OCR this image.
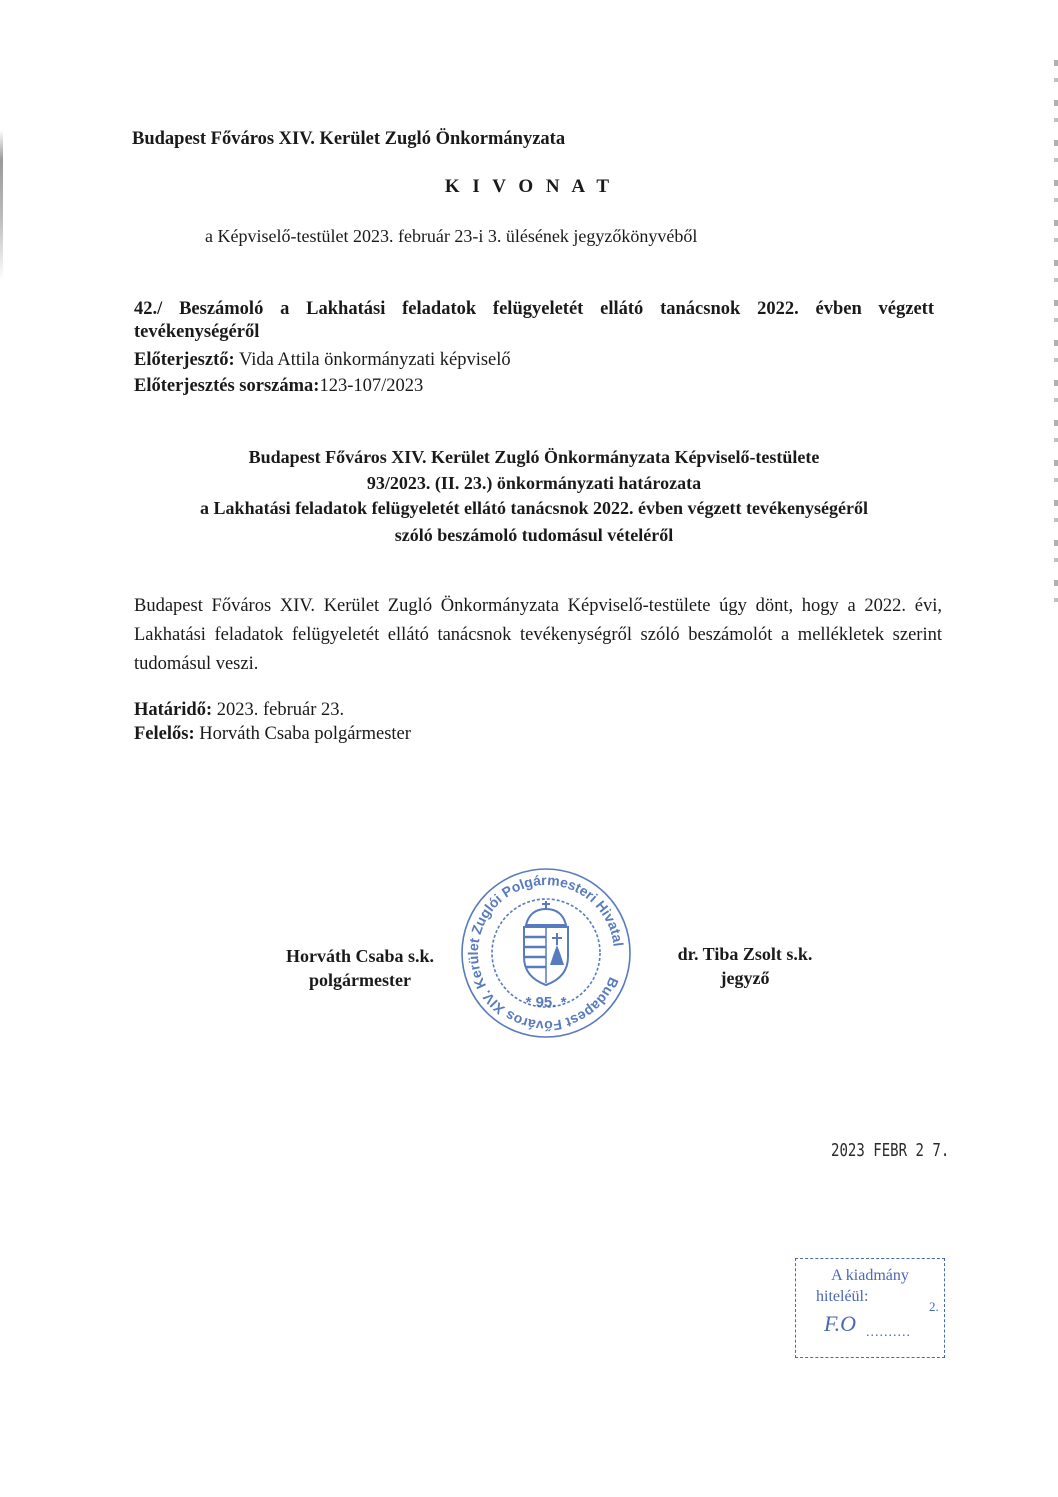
Budapest Főváros XIV. Kerület Zugló Önkormányzata
K I V O N A T
a Képviselő-testület 2023. február 23-i 3. ülésének jegyzőkönyvéből
42./ Beszámoló a Lakhatási feladatok felügyeletét ellátó tanácsnok 2022. évben végzett
tevékenységéről
Előterjesztő: Vida Attila önkormányzati képviselő
Előterjesztés sorszáma:123-107/2023
Budapest Főváros XIV. Kerület Zugló Önkormányzata Képviselő-testülete
93/2023. (II. 23.) önkormányzati határozata
a Lakhatási feladatok felügyeletét ellátó tanácsnok 2022. évben végzett tevékenységéről
szóló beszámoló tudomásul vételéről
Budapest Főváros XIV. Kerület Zugló Önkormányzata Képviselő-testülete úgy dönt, hogy a 2022. évi, Lakhatási feladatok felügyeletét ellátó tanácsnok tevékenységről szóló beszámolót a mellékletek szerint tudomásul veszi.
Határidő: 2023. február 23.
Felelős: Horváth Csaba polgármester
Horváth Csaba s.k.
polgármester
dr. Tiba Zsolt s.k.
jegyző
Budapest Főváros XIV. Kerület Zuglói Polgármesteri Hivatal
* 95. *
2023 FEBR 2 7.
A kiadmány
hiteléül:
2.
F.O ..........
